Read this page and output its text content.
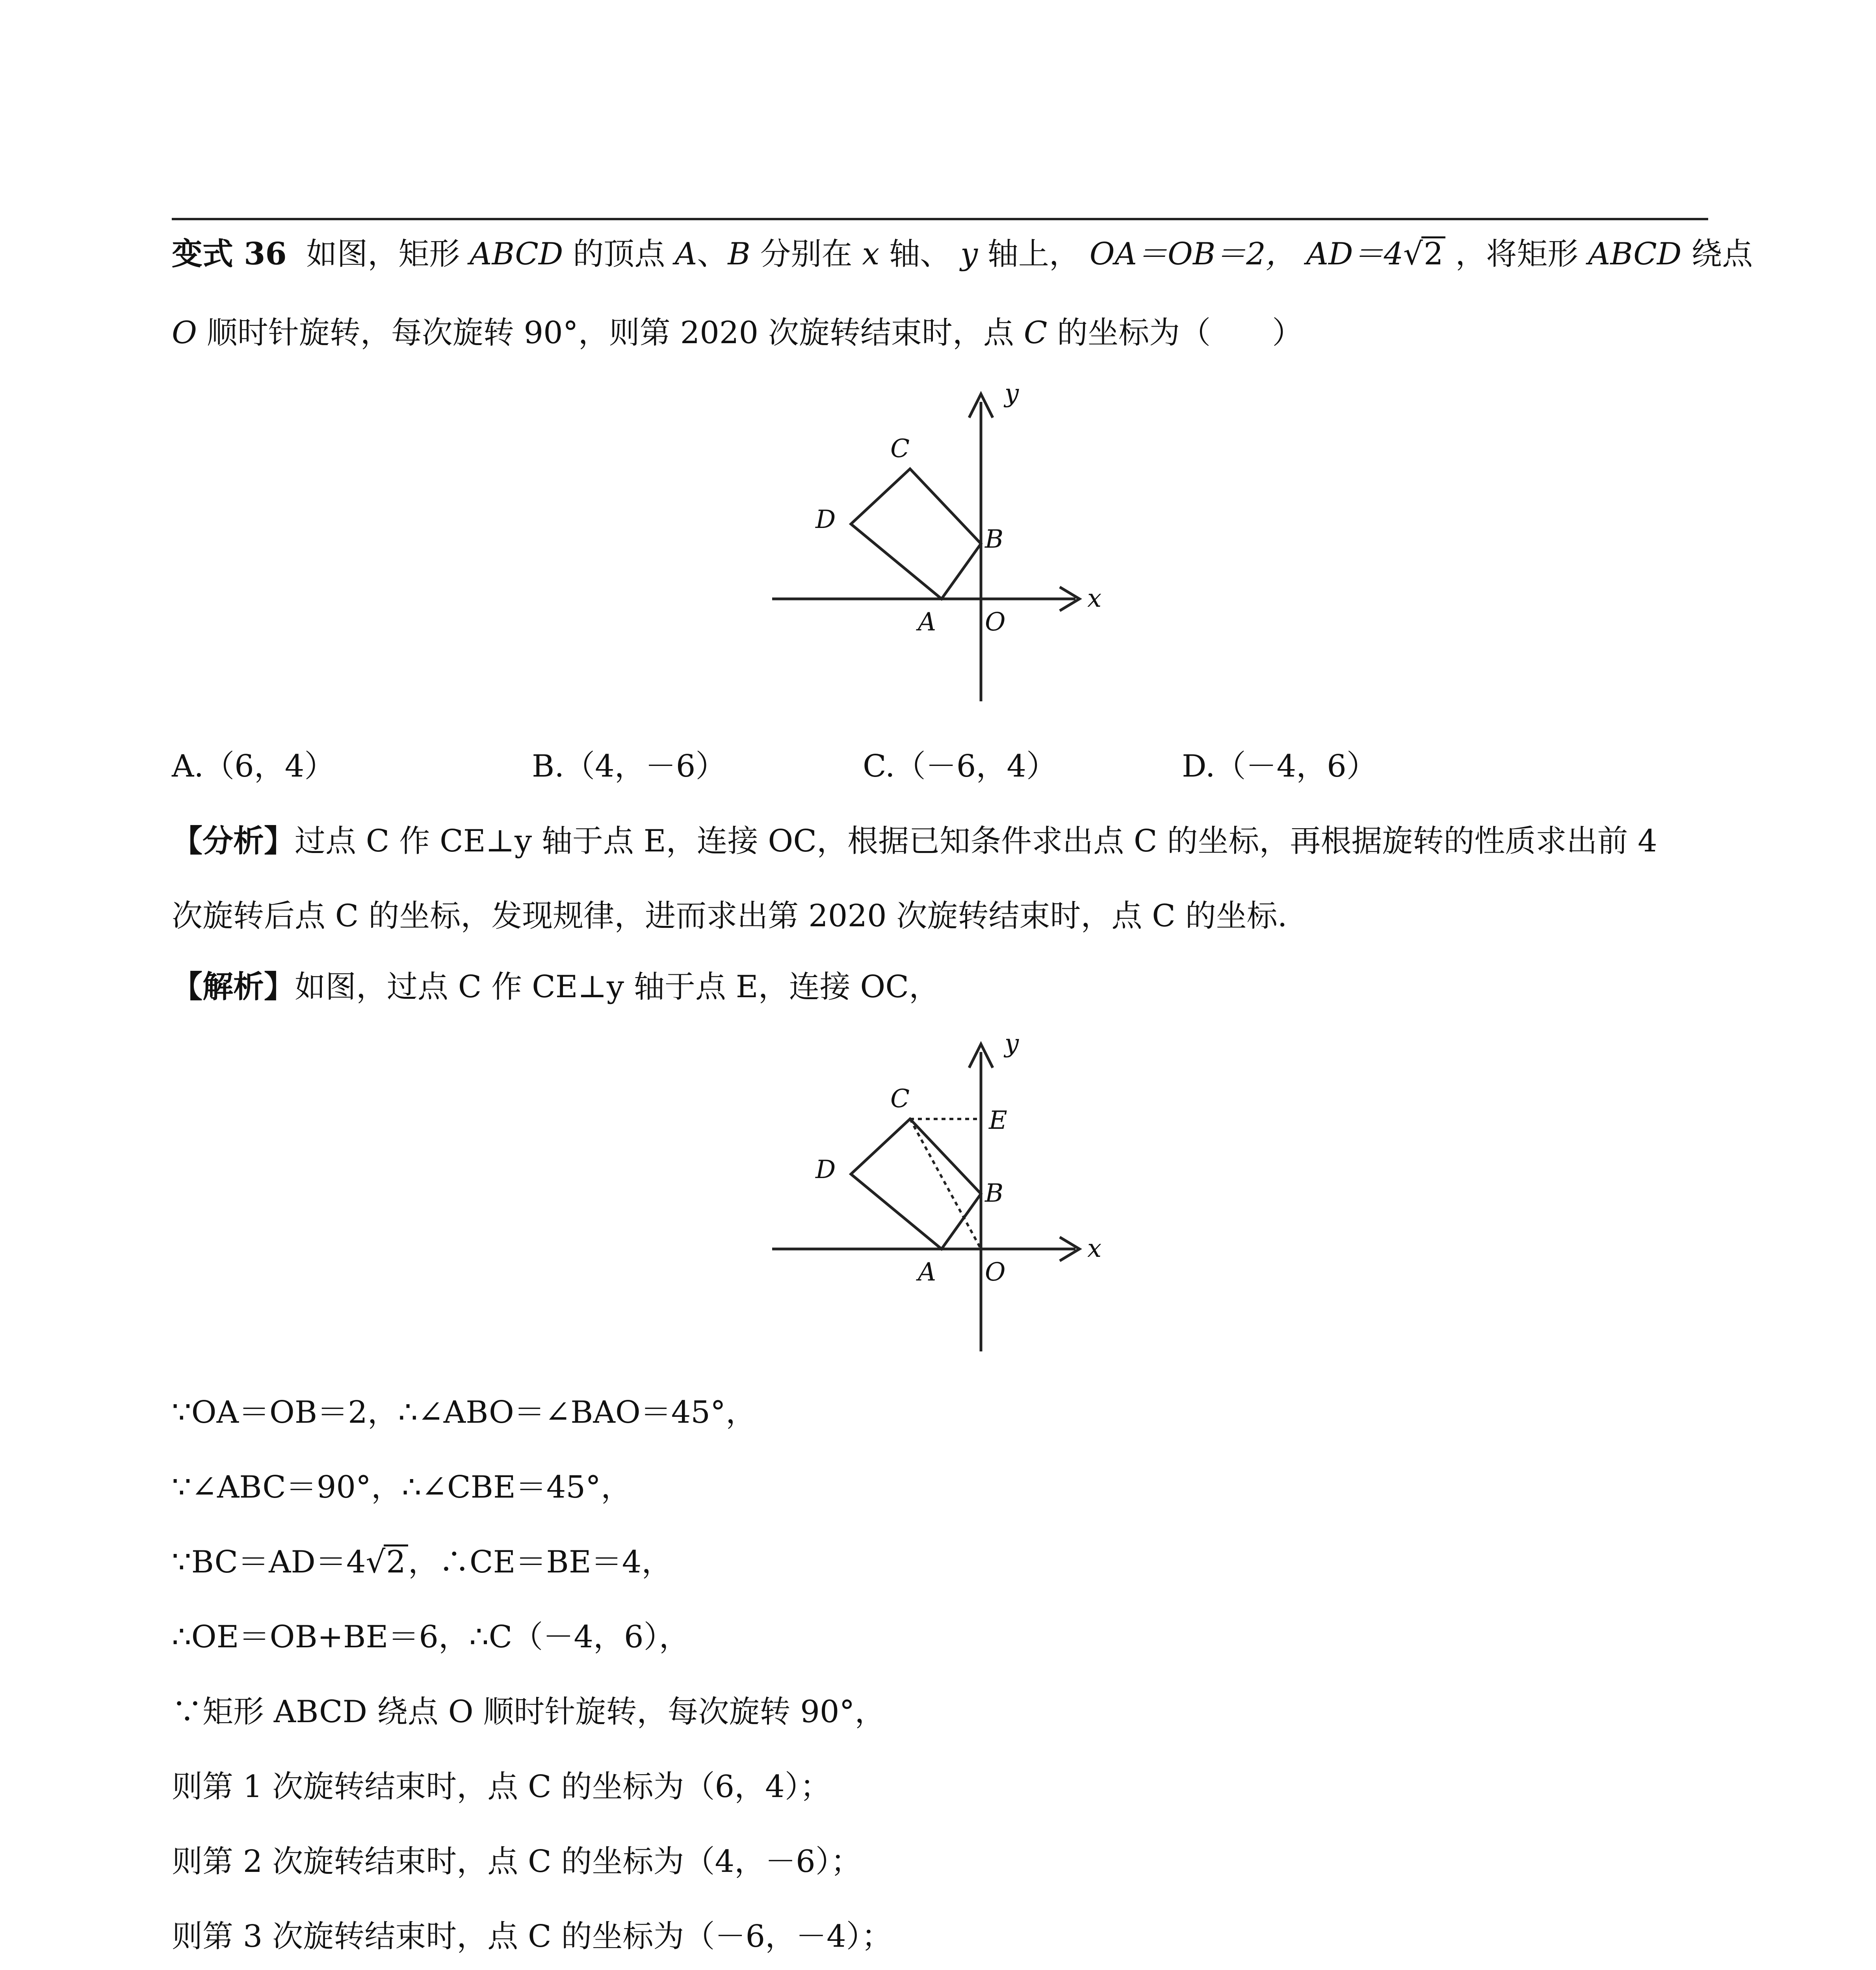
变式 36 如图，矩形 ABCD 的顶点 A、B 分别在 x 轴、 y 轴上， OA＝OB＝2， AD＝4√2 ，将矩形 ABCD 绕点
O 顺时针旋转，每次旋转 90°，则第 2020 次旋转结束时，点 C 的坐标为（　　）
y
x
C
D
B
A O
A.（6，4）	B.（4，－6）	C.（－6，4）	D.（－4，6）
【分析】过点 C 作 CE⊥y 轴于点 E，连接 OC，根据已知条件求出点 C 的坐标，再根据旋转的性质求出前 4
次旋转后点 C 的坐标，发现规律，进而求出第 2020 次旋转结束时，点 C 的坐标.
【解析】如图，过点 C 作 CE⊥y 轴于点 E，连接 OC，
y
x
C
E
D
B
A O
∵OA＝OB＝2，∴∠ABO＝∠BAO＝45°，
∵∠ABC＝90°，∴∠CBE＝45°，
∵BC＝AD＝4√2，∴CE＝BE＝4，
∴OE＝OB+BE＝6，∴C（－4，6），
∵矩形 ABCD 绕点 O 顺时针旋转，每次旋转 90°，
则第 1 次旋转结束时，点 C 的坐标为（6，4）；
则第 2 次旋转结束时，点 C 的坐标为（4，－6）；
则第 3 次旋转结束时，点 C 的坐标为（－6，－4）；
